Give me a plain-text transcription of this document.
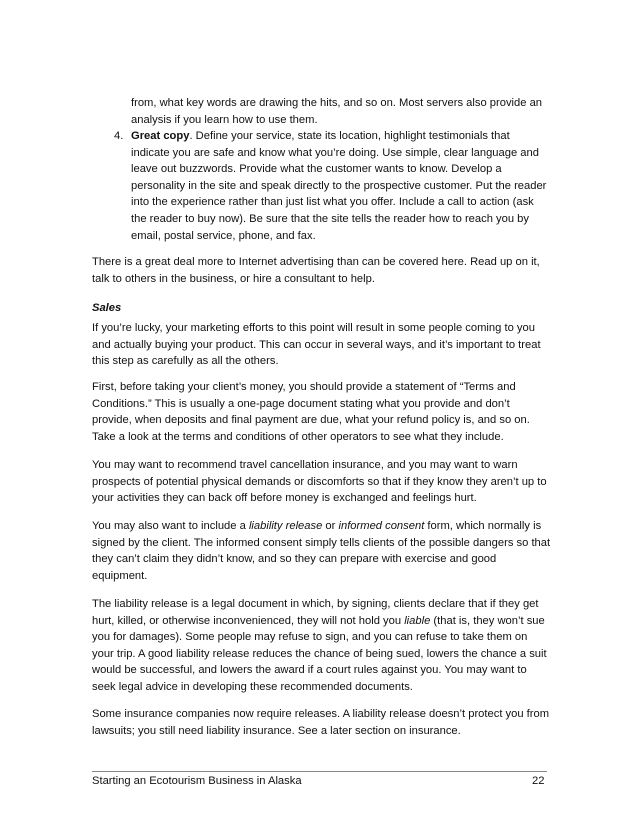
from, what key words are drawing the hits, and so on. Most servers also provide an analysis if you learn how to use them.

4. Great copy. Define your service, state its location, highlight testimonials that indicate you are safe and know what you’re doing. Use simple, clear language and leave out buzzwords. Provide what the customer wants to know. Develop a personality in the site and speak directly to the prospective customer. Put the reader into the experience rather than just list what you offer. Include a call to action (ask the reader to buy now). Be sure that the site tells the reader how to reach you by email, postal service, phone, and fax.

There is a great deal more to Internet advertising than can be covered here. Read up on it, talk to others in the business, or hire a consultant to help.

Sales

If you’re lucky, your marketing efforts to this point will result in some people coming to you and actually buying your product. This can occur in several ways, and it’s important to treat this step as carefully as all the others.

First, before taking your client’s money, you should provide a statement of “Terms and Conditions.” This is usually a one-page document stating what you provide and don’t provide, when deposits and final payment are due, what your refund policy is, and so on. Take a look at the terms and conditions of other operators to see what they include.

You may want to recommend travel cancellation insurance, and you may want to warn prospects of potential physical demands or discomforts so that if they know they aren’t up to your activities they can back off before money is exchanged and feelings hurt.

You may also want to include a liability release or informed consent form, which normally is signed by the client. The informed consent simply tells clients of the possible dangers so that they can’t claim they didn’t know, and so they can prepare with exercise and good equipment.

The liability release is a legal document in which, by signing, clients declare that if they get hurt, killed, or otherwise inconvenienced, they will not hold you liable (that is, they won’t sue you for damages). Some people may refuse to sign, and you can refuse to take them on your trip. A good liability release reduces the chance of being sued, lowers the chance a suit would be successful, and lowers the award if a court rules against you. You may want to seek legal advice in developing these recommended documents.

Some insurance companies now require releases. A liability release doesn’t protect you from lawsuits; you still need liability insurance. See a later section on insurance.

Starting an Ecotourism Business in Alaska	22
